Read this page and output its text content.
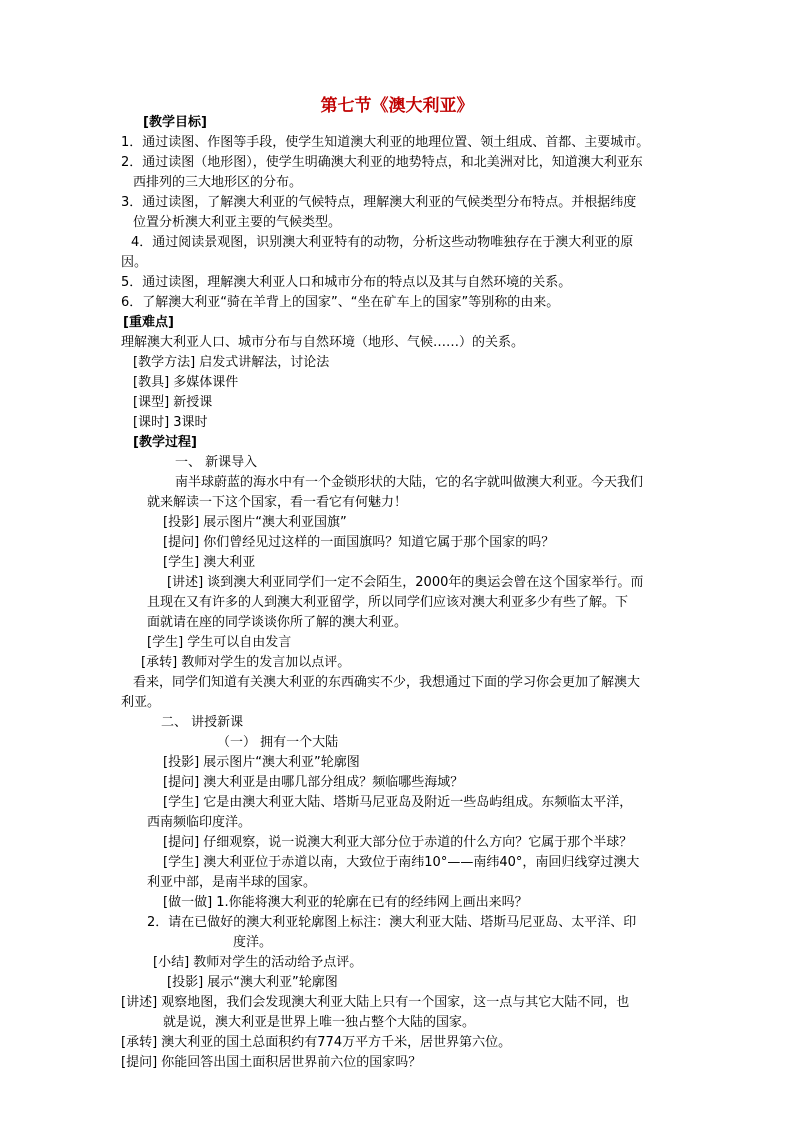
第七节《澳大利亚》
[教学目标]
1．通过读图、作图等手段，使学生知道澳大利亚的地理位置、领土组成、首都、主要城市。
2．通过读图（地形图），使学生明确澳大利亚的地势特点，和北美洲对比，知道澳大利亚东
西排列的三大地形区的分布。
3．通过读图，了解澳大利亚的气候特点，理解澳大利亚的气候类型分布特点。并根据纬度
位置分析澳大利亚主要的气候类型。
4．通过阅读景观图，识别澳大利亚特有的动物，分析这些动物唯独存在于澳大利亚的原
因。
5．通过读图，理解澳大利亚人口和城市分布的特点以及其与自然环境的关系。
6．了解澳大利亚“骑在羊背上的国家”、“坐在矿车上的国家”等别称的由来。
[重难点]
理解澳大利亚人口、城市分布与自然环境（地形、气候……）的关系。
[教学方法] 启发式讲解法，讨论法
[教具] 多媒体课件
[课型] 新授课
[课时] 3课时
[教学过程]
一、 新课导入
南半球蔚蓝的海水中有一个金锁形状的大陆，它的名字就叫做澳大利亚。今天我们
就来解读一下这个国家，看一看它有何魅力！
[投影] 展示图片“澳大利亚国旗”
[提问] 你们曾经见过这样的一面国旗吗？知道它属于那个国家的吗？
[学生] 澳大利亚
[讲述] 谈到澳大利亚同学们一定不会陌生，2000年的奥运会曾在这个国家举行。而
且现在又有许多的人到澳大利亚留学，所以同学们应该对澳大利亚多少有些了解。下
面就请在座的同学谈谈你所了解的澳大利亚。
[学生] 学生可以自由发言
[承转] 教师对学生的发言加以点评。
看来，同学们知道有关澳大利亚的东西确实不少，我想通过下面的学习你会更加了解澳大
利亚。
二、 讲授新课
（一） 拥有一个大陆
[投影] 展示图片“澳大利亚”轮廓图
[提问] 澳大利亚是由哪几部分组成？频临哪些海域？
[学生] 它是由澳大利亚大陆、塔斯马尼亚岛及附近一些岛屿组成。东频临太平洋，
西南频临印度洋。
[提问] 仔细观察，说一说澳大利亚大部分位于赤道的什么方向？它属于那个半球？
[学生] 澳大利亚位于赤道以南，大致位于南纬10°——南纬40°，南回归线穿过澳大
利亚中部，是南半球的国家。
[做一做] 1.你能将澳大利亚的轮廓在已有的经纬网上画出来吗？
2．请在已做好的澳大利亚轮廓图上标注：澳大利亚大陆、塔斯马尼亚岛、太平洋、印
度洋。
[小结] 教师对学生的活动给予点评。
[投影] 展示“澳大利亚”轮廓图
[讲述] 观察地图，我们会发现澳大利亚大陆上只有一个国家，这一点与其它大陆不同，也
就是说，澳大利亚是世界上唯一独占整个大陆的国家。
[承转] 澳大利亚的国土总面积约有774万平方千米，居世界第六位。
[提问] 你能回答出国土面积居世界前六位的国家吗？
